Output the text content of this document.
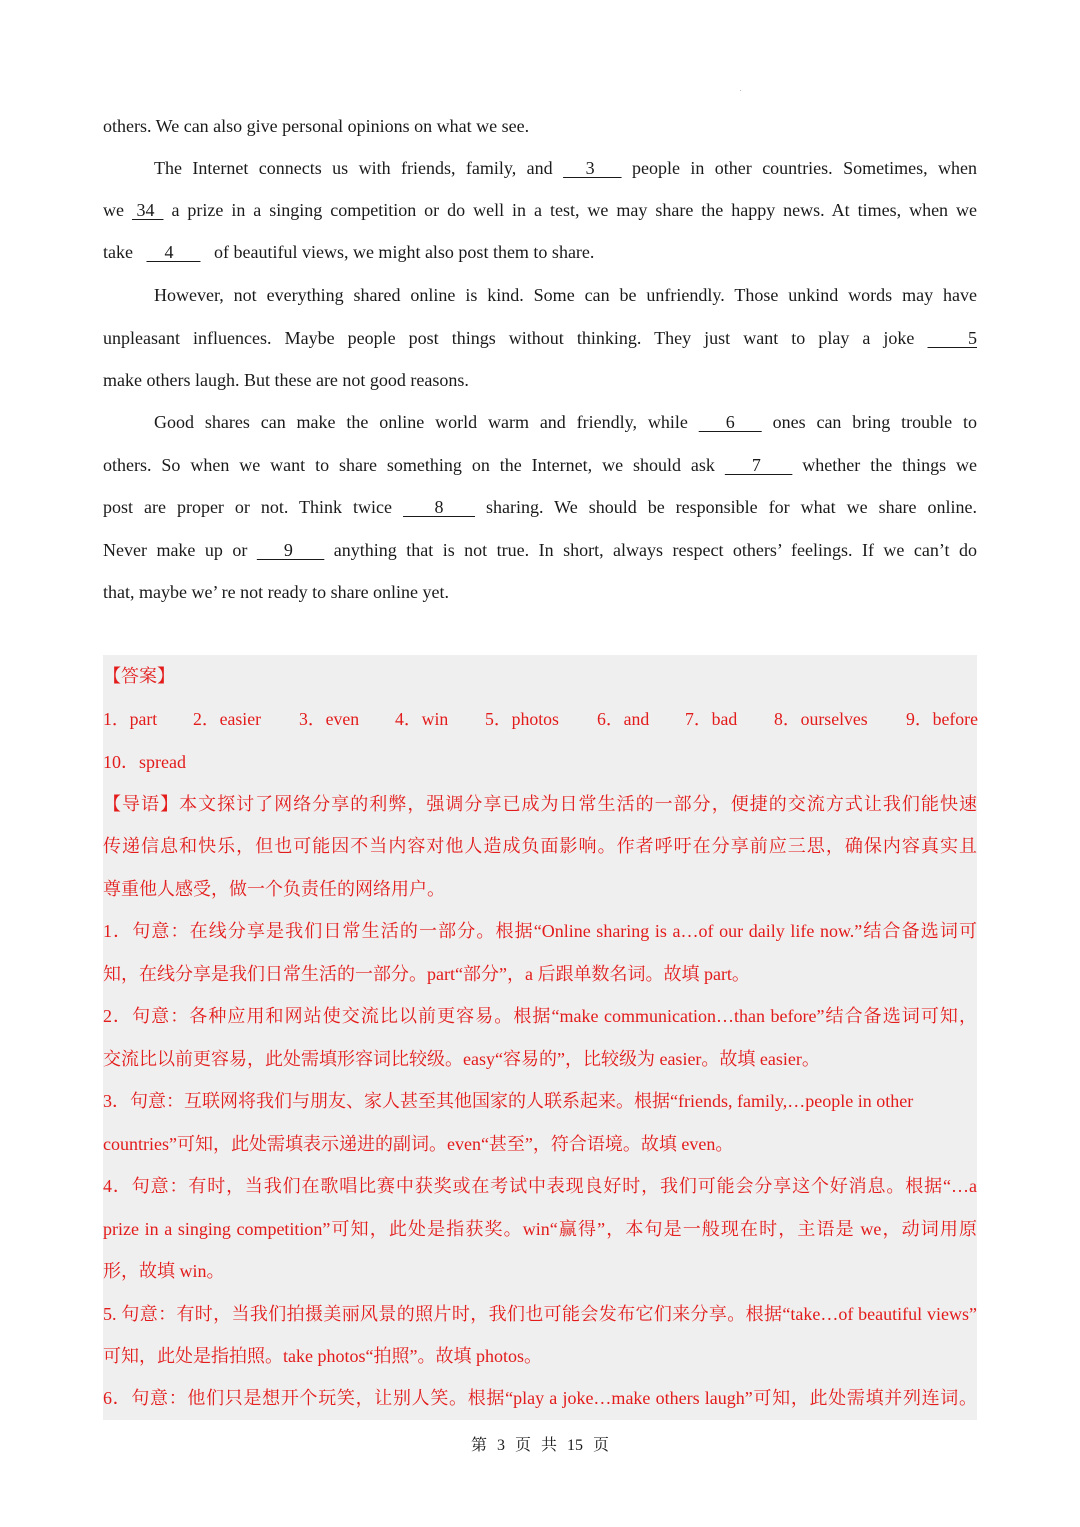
others. We can also give personal opinions on what we see.
The Internet connects us with friends, family, and      3       people in other countries. Sometimes, when
we  34   a prize in a singing competition or do well in a test, we may share the happy news. At times, when we
take       4         of beautiful views, we might also post them to share.
However, not everything shared online is kind. Some can be unfriendly. Those unkind words may have
unpleasant influences. Maybe people post things without thinking. They just want to play a joke          5
make others laugh. But these are not good reasons.
Good shares can make the online world warm and friendly, while       6       ones can bring trouble to
others. So when we want to share something on the Internet, we should ask       7        whether the things we
post are proper or not. Think twice        8        sharing. We should be responsible for what we share online.
Never make up or       9        anything that is not true. In short, always respect others’ feelings. If we can’t do
that, maybe we’ re not ready to share online yet.
【答案】
1．part 2．easier 3．even 4．win 5．photos 6．and 7．bad 8．ourselves 9．before
10．spread
【导语】本文探讨了网络分享的利弊，强调分享已成为日常生活的一部分，便捷的交流方式让我们能快速
传递信息和快乐，但也可能因不当内容对他人造成负面影响。作者呼吁在分享前应三思，确保内容真实且
尊重他人感受，做一个负责任的网络用户。
1．句意：在线分享是我们日常生活的一部分。根据“Online sharing is a…of our daily life now.”结合备选词可
知，在线分享是我们日常生活的一部分。part“部分”，a 后跟单数名词。故填 part。
2．句意：各种应用和网站使交流比以前更容易。根据“make communication…than before”结合备选词可知，
交流比以前更容易，此处需填形容词比较级。easy“容易的”，比较级为 easier。故填 easier。
3．句意：互联网将我们与朋友、家人甚至其他国家的人联系起来。根据“friends, family,…people in other
countries”可知，此处需填表示递进的副词。even“甚至”，符合语境。故填 even。
4．句意：有时，当我们在歌唱比赛中获奖或在考试中表现良好时，我们可能会分享这个好消息。根据“…a
prize in a singing competition”可知，此处是指获奖。win“赢得”，本句是一般现在时，主语是 we，动词用原
形，故填 win。
5. 句意：有时，当我们拍摄美丽风景的照片时，我们也可能会发布它们来分享。根据“take…of beautiful views”
可知，此处是指拍照。take photos“拍照”。故填 photos。
6．句意：他们只是想开个玩笑，让别人笑。根据“play a joke…make others laugh”可知，此处需填并列连词。
第 3 页 共 15 页
